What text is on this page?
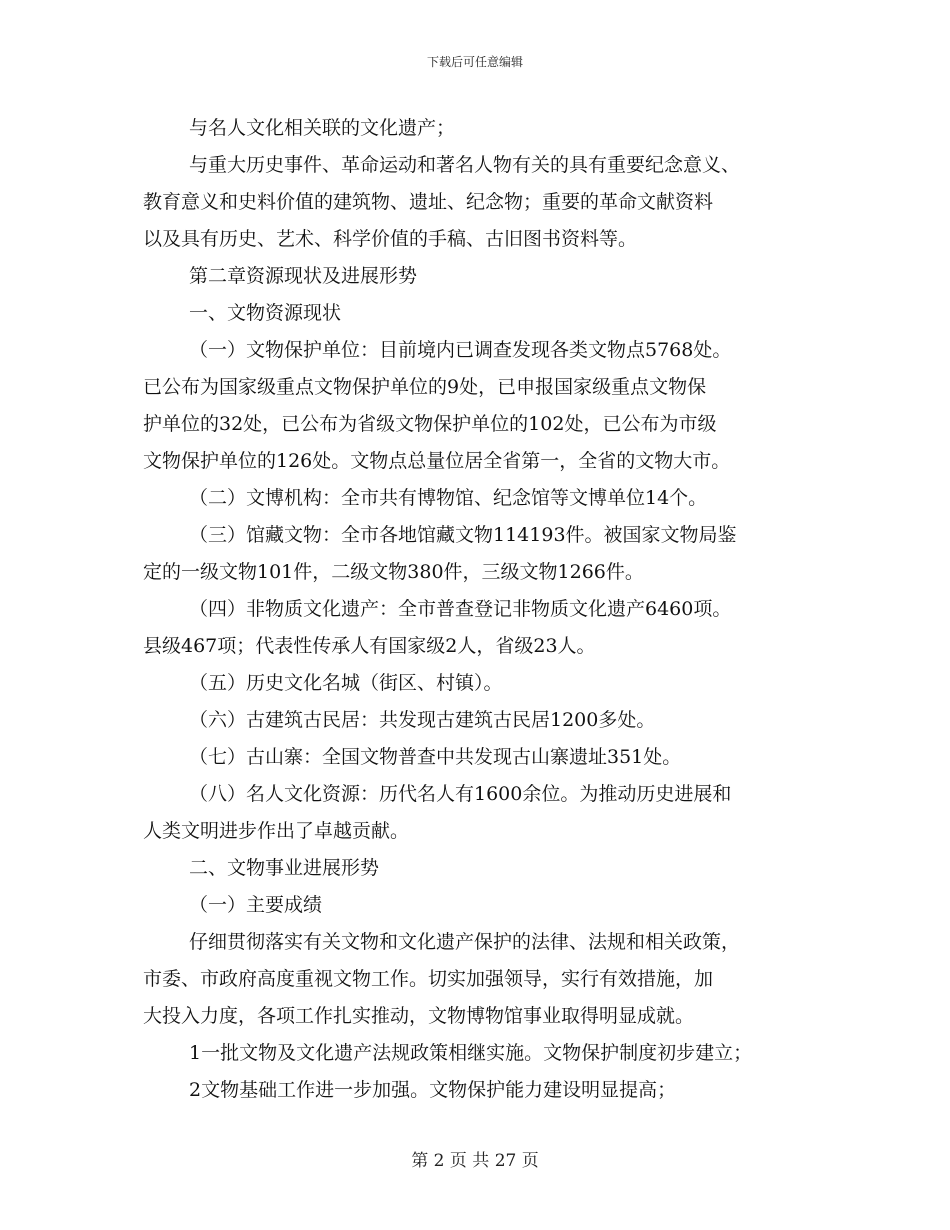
下载后可任意编辑

与名人文化相关联的文化遗产；

与重大历史事件、革命运动和著名人物有关的具有重要纪念意义、

教育意义和史料价值的建筑物、遗址、纪念物；重要的革命文献资料

以及具有历史、艺术、科学价值的手稿、古旧图书资料等。

第二章资源现状及进展形势

一、文物资源现状

（一）文物保护单位：目前境内已调查发现各类文物点5768处。

已公布为国家级重点文物保护单位的9处，已申报国家级重点文物保

护单位的32处，已公布为省级文物保护单位的102处，已公布为市级

文物保护单位的126处。文物点总量位居全省第一，全省的文物大市。

（二）文博机构：全市共有博物馆、纪念馆等文博单位14个。

（三）馆藏文物：全市各地馆藏文物114193件。被国家文物局鉴

定的一级文物101件，二级文物380件，三级文物1266件。

（四）非物质文化遗产：全市普查登记非物质文化遗产6460项。

县级467项；代表性传承人有国家级2人，省级23人。

（五）历史文化名城（街区、村镇）。

（六）古建筑古民居：共发现古建筑古民居1200多处。

（七）古山寨：全国文物普查中共发现古山寨遗址351处。

（八）名人文化资源：历代名人有1600余位。为推动历史进展和

人类文明进步作出了卓越贡献。

二、文物事业进展形势

（一）主要成绩

仔细贯彻落实有关文物和文化遗产保护的法律、法规和相关政策，

市委、市政府高度重视文物工作。切实加强领导，实行有效措施，加

大投入力度，各项工作扎实推动，文物博物馆事业取得明显成就。

1一批文物及文化遗产法规政策相继实施。文物保护制度初步建立；

2文物基础工作进一步加强。文物保护能力建设明显提高；

第 2 页 共 27 页
